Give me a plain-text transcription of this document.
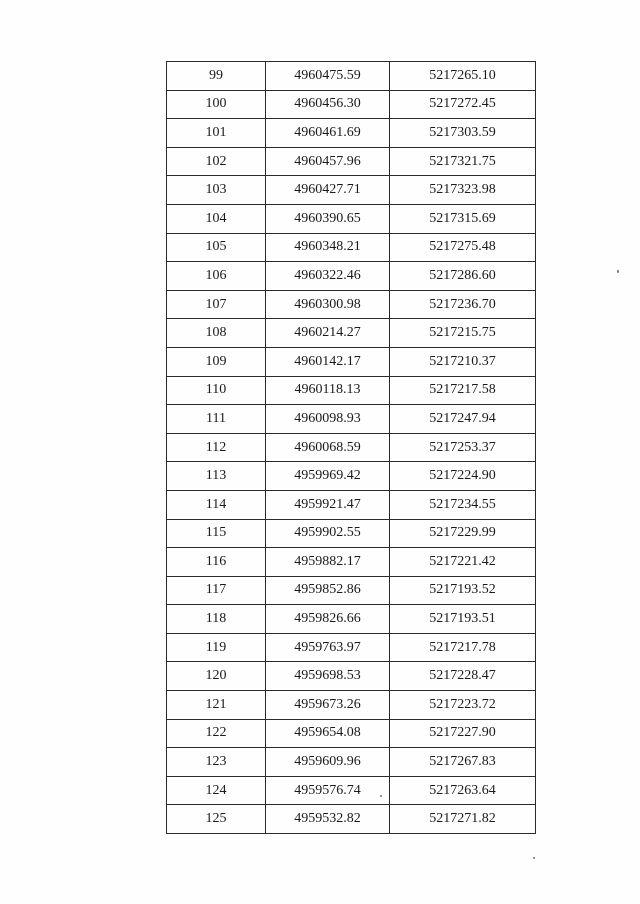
99	4960475.59	5217265.10
100	4960456.30	5217272.45
101	4960461.69	5217303.59
102	4960457.96	5217321.75
103	4960427.71	5217323.98
104	4960390.65	5217315.69
105	4960348.21	5217275.48
106	4960322.46	5217286.60
107	4960300.98	5217236.70
108	4960214.27	5217215.75
109	4960142.17	5217210.37
110	4960118.13	5217217.58
111	4960098.93	5217247.94
112	4960068.59	5217253.37
113	4959969.42	5217224.90
114	4959921.47	5217234.55
115	4959902.55	5217229.99
116	4959882.17	5217221.42
117	4959852.86	5217193.52
118	4959826.66	5217193.51
119	4959763.97	5217217.78
120	4959698.53	5217228.47
121	4959673.26	5217223.72
122	4959654.08	5217227.90
123	4959609.96	5217267.83
124	4959576.74	5217263.64
125	4959532.82	5217271.82
